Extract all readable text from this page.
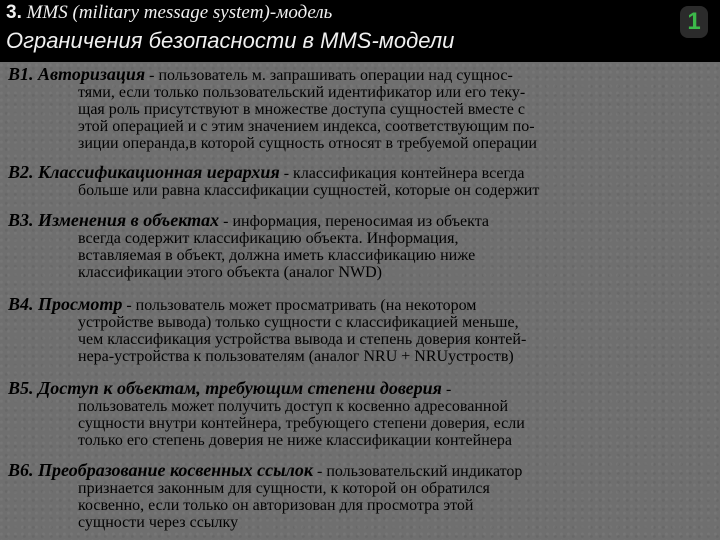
3. MMS (military message system)-модель
Ограничения безопасности в MMS-модели
1
B1. Авторизация - пользователь м. запрашивать операции над сущнос-
тями, если только пользовательский идентификатор или его теку-
щая роль присутствуют в множестве доступа сущностей вместе с
этой операцией и с этим значением индекса, соответствующим по-
зиции операнда,в которой сущность относят в требуемой операции
B2. Классификационная иерархия - классификация контейнера всегда
больше или равна классификации сущностей, которые он содержит
B3. Изменения в объектах - информация, переносимая из объекта
всегда содержит классификацию объекта. Информация,
вставляемая в объект, должна иметь классификацию ниже
классификации этого объекта (аналог NWD)
B4. Просмотр - пользователь может просматривать (на некотором
устройстве вывода) только сущности с классификацией меньше,
чем классификация устройства вывода и степень доверия контей-
нера-устройства к пользователям (аналог NRU + NRUустроств)
B5. Доступ к объектам, требующим степени доверия -
пользователь может получить доступ к косвенно адресованной
сущности внутри контейнера, требующего степени доверия, если
только его степень доверия не ниже классификации контейнера
B6. Преобразование косвенных ссылок - пользовательский индикатор
признается законным для сущности, к которой он обратился
косвенно, если только он авторизован для просмотра этой
сущности через ссылку
